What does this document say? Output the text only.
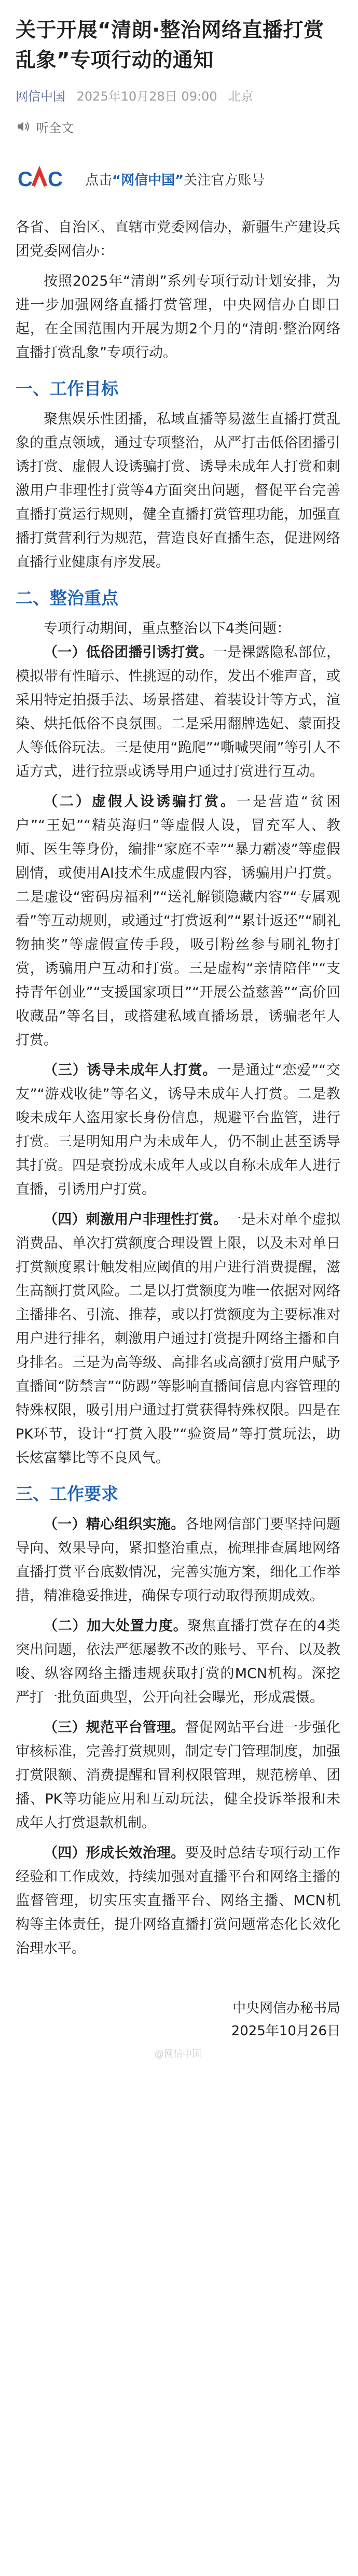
关于开展“清朗·整治网络直播打赏乱象”专项行动的通知
网信中国 2025年10月28日 09:00 北京
听全文
C C 点击“网信中国”关注官方账号

各省、自治区、直辖市党委网信办，新疆生产建设兵团党委网信办：

按照2025年“清朗”系列专项行动计划安排，为进一步加强网络直播打赏管理，中央网信办自即日起，在全国范围内开展为期2个月的“清朗·整治网络直播打赏乱象”专项行动。

一、工作目标

聚焦娱乐性团播，私域直播等易滋生直播打赏乱象的重点领域，通过专项整治，从严打击低俗团播引诱打赏、虚假人设诱骗打赏、诱导未成年人打赏和刺激用户非理性打赏等4方面突出问题，督促平台完善直播打赏运行规则，健全直播打赏管理功能，加强直播打赏营利行为规范，营造良好直播生态，促进网络直播行业健康有序发展。

二、整治重点

专项行动期间，重点整治以下4类问题：

（一）低俗团播引诱打赏。一是裸露隐私部位，模拟带有性暗示、性挑逗的动作，发出不雅声音，或采用特定拍摄手法、场景搭建、着装设计等方式，渲染、烘托低俗不良氛围。二是采用翻牌选妃、蒙面投人等低俗玩法。三是使用“跪爬”“嘶喊哭闹”等引人不适方式，进行拉票或诱导用户通过打赏进行互动。

（二）虚假人设诱骗打赏。一是营造“贫困户”“王妃”“精英海归”等虚假人设，冒充军人、教师、医生等身份，编排“家庭不幸”“暴力霸凌”等虚假剧情，或使用AI技术生成虚假内容，诱骗用户打赏。二是虚设“密码房福利”“送礼解锁隐藏内容”“专属观看”等互动规则，或通过“打赏返利”“累计返还”“刷礼物抽奖”等虚假宣传手段，吸引粉丝参与刷礼物打赏，诱骗用户互动和打赏。三是虚构“亲情陪伴”“支持青年创业”“支援国家项目”“开展公益慈善”“高价回收藏品”等名目，或搭建私域直播场景，诱骗老年人打赏。

（三）诱导未成年人打赏。一是通过“恋爱”“交友”“游戏收徒”等名义，诱导未成年人打赏。二是教唆未成年人盗用家长身份信息，规避平台监管，进行打赏。三是明知用户为未成年人，仍不制止甚至诱导其打赏。四是衰扮成未成年人或以自称未成年人进行直播，引诱用户打赏。

（四）刺激用户非理性打赏。一是未对单个虚拟消费品、单次打赏额度合理设置上限，以及未对单日打赏额度累计触发相应阈值的用户进行消费提醒，滋生高额打赏风险。二是以打赏额度为唯一依据对网络主播排名、引流、推荐，或以打赏额度为主要标准对用户进行排名，刺激用户通过打赏提升网络主播和自身排名。三是为高等级、高排名或高额打赏用户赋予直播间“防禁言”“防踢”等影响直播间信息内容管理的特殊权限，吸引用户通过打赏获得特殊权限。四是在PK环节，设计“打赏入股”“验资局”等打赏玩法，助长炫富攀比等不良风气。

三、工作要求

（一）精心组织实施。各地网信部门要坚持问题导向、效果导向，紧扣整治重点，梳理排查属地网络直播打赏平台底数情况，完善实施方案，细化工作举措，精准稳妥推进，确保专项行动取得预期成效。

（二）加大处置力度。聚焦直播打赏存在的4类突出问题，依法严惩屡教不改的账号、平台、以及教唆、纵容网络主播违规获取打赏的MCN机构。深挖严打一批负面典型，公开向社会曝光，形成震慑。

（三）规范平台管理。督促网站平台进一步强化审核标准，完善打赏规则，制定专门管理制度，加强打赏限额、消费提醒和冒利权限管理，规范榜单、团播、PK等功能应用和互动玩法，健全投诉举报和未成年人打赏退款机制。

（四）形成长效治理。要及时总结专项行动工作经验和工作成效，持续加强对直播平台和网络主播的监督管理，切实压实直播平台、网络主播、MCN机构等主体责任，提升网络直播打赏问题常态化长效化治理水平。

中央网信办秘书局

2025年10月26日

@网信中国
